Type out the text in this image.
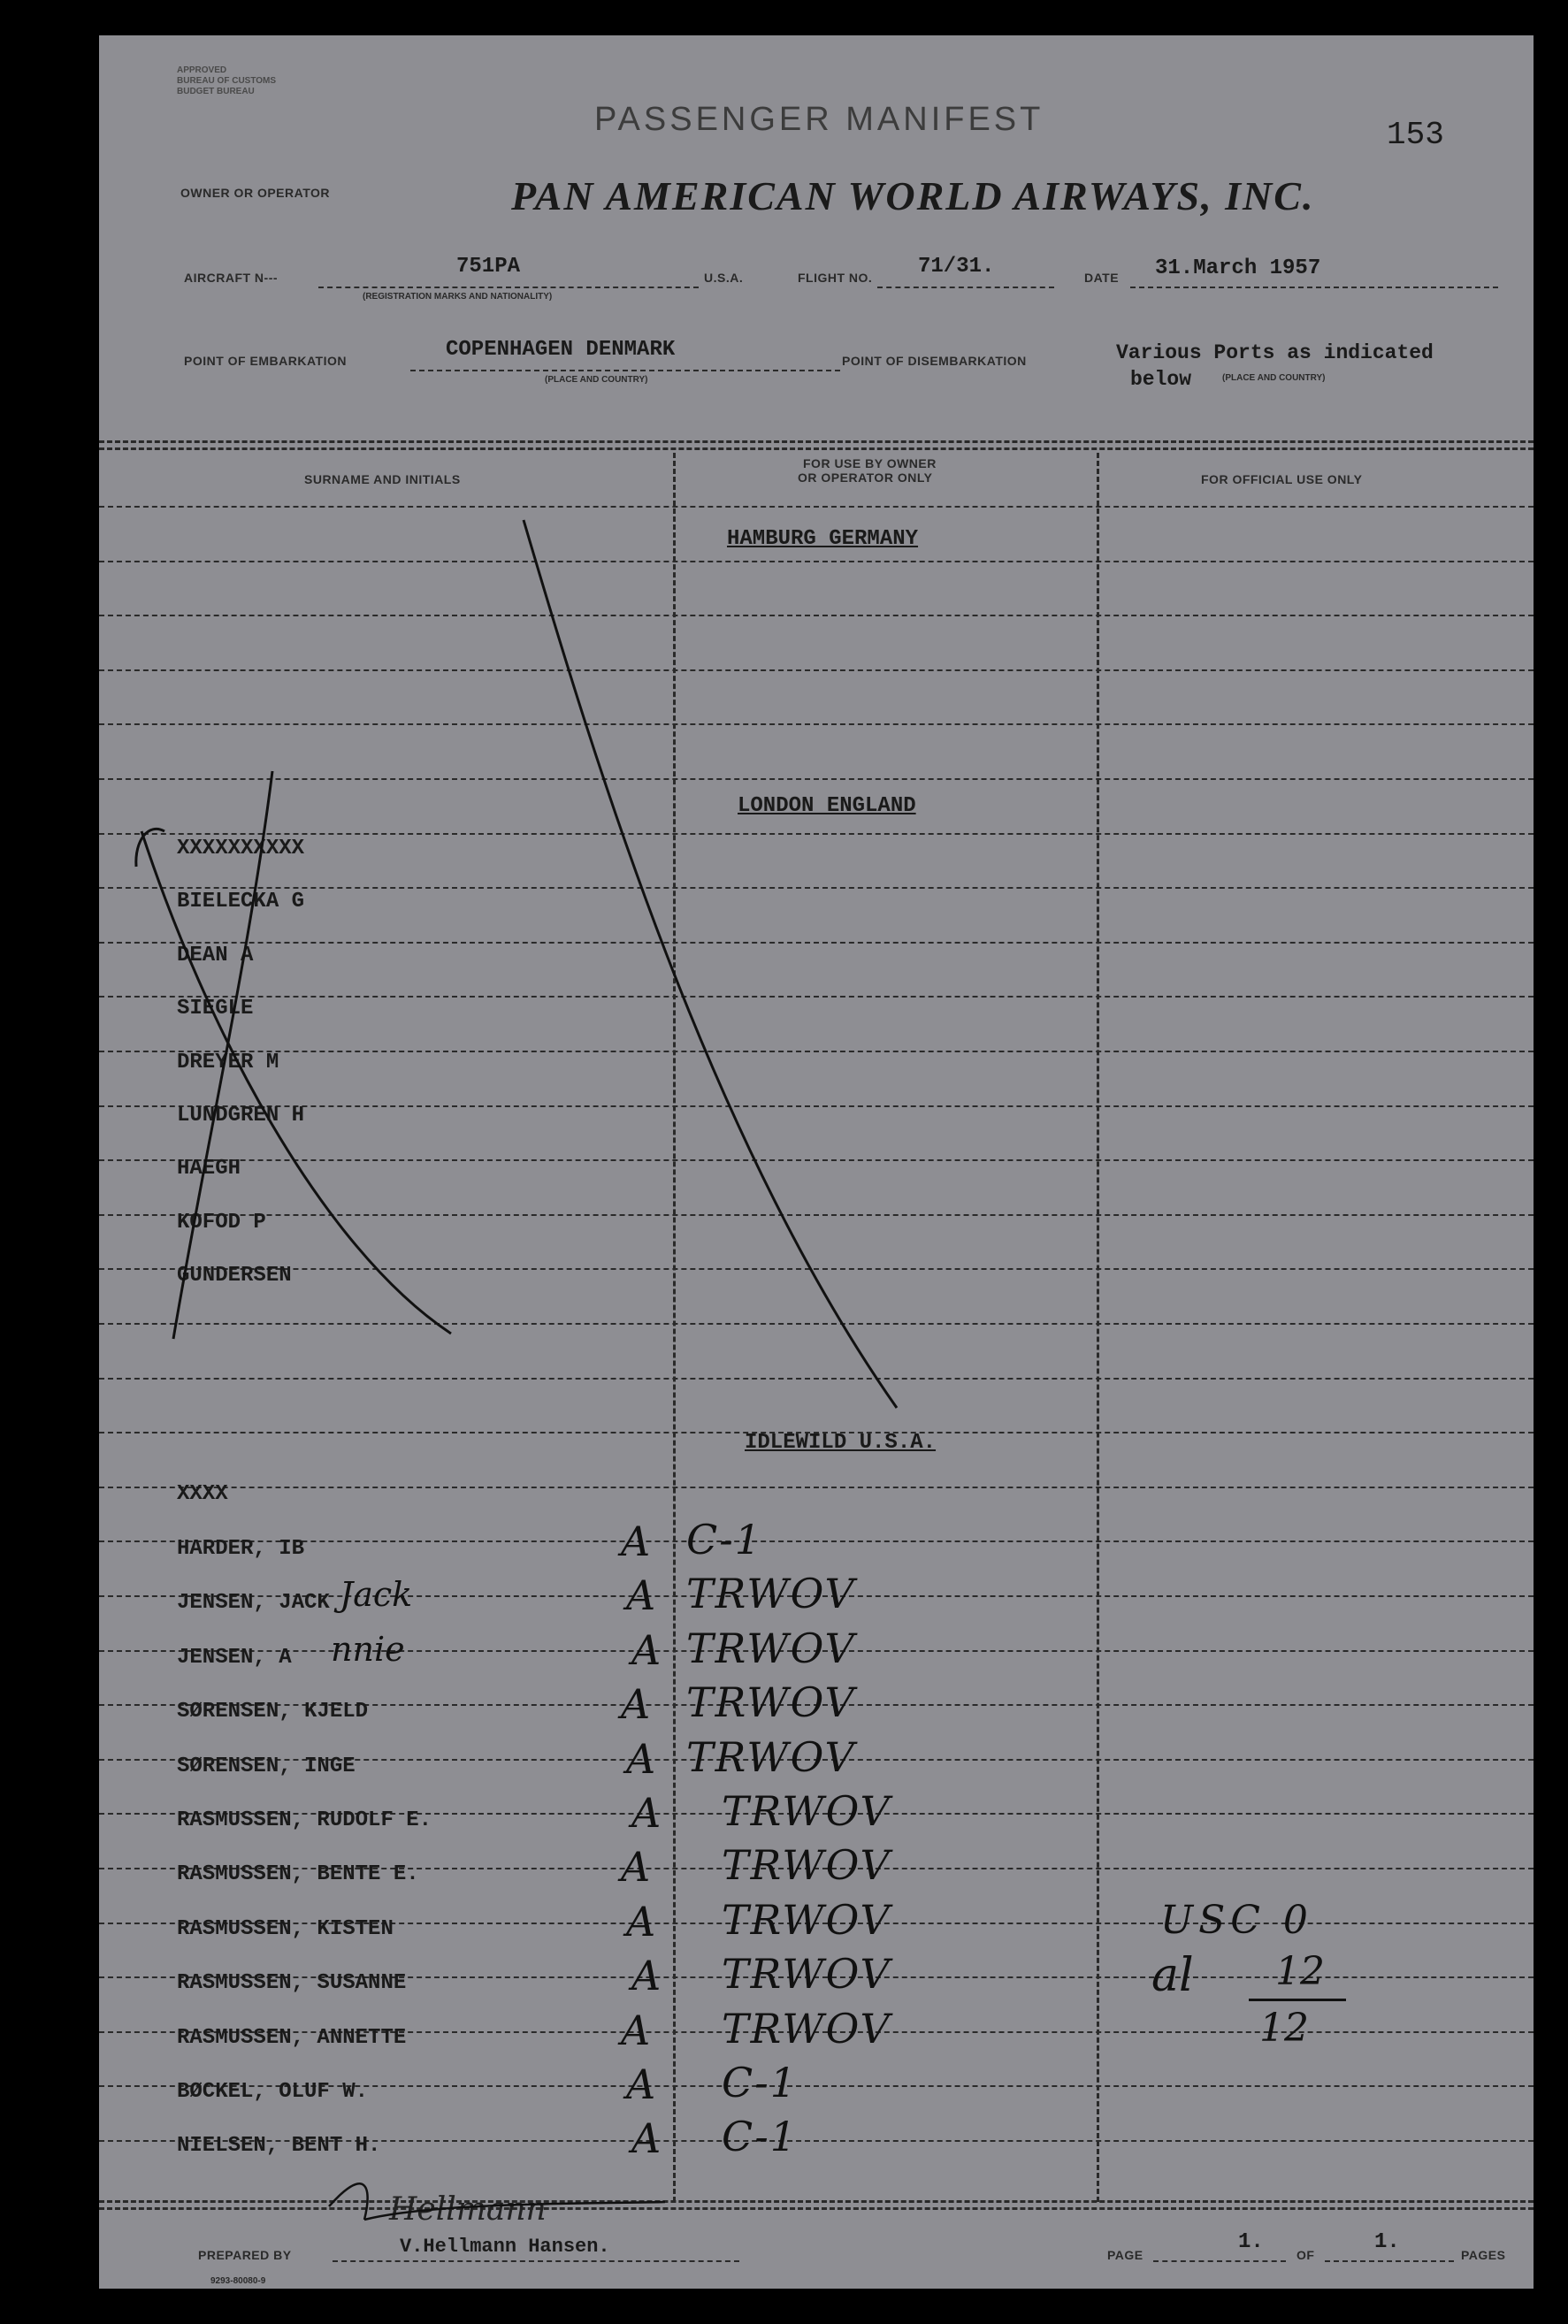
APPROVED
BUREAU OF CUSTOMS
BUDGET BUREAU
PASSENGER MANIFEST	153
OWNER OR OPERATOR	PAN AMERICAN WORLD AIRWAYS, INC.
AIRCRAFT N---	751PA
(REGISTRATION MARKS AND NATIONALITY)
U.S.A.	FLIGHT NO. 71/31.	DATE 31.March 1957
POINT OF EMBARKATION	COPENHAGEN DENMARK
(PLACE AND COUNTRY)
POINT OF DISEMBARKATION	Various Ports as indicated
below	(PLACE AND COUNTRY)
SURNAME AND INITIALS
FOR USE BY OWNER
OR OPERATOR ONLY	FOR OFFICIAL USE ONLY
HAMBURG GERMANY
LONDON ENGLAND
IDLEWILD U.S.A.
XXXXXXXXXX
BIELECKA G
DEAN A
SIEGLE
DREYER M
LUNDGREN H
HAEGH
KOFOD P
GUNDERSEN
XXXX
HARDER, IB	A C-1
JENSEN, JACK Jack	A TRWOV
JENSEN, A nnie	A TRWOV
SØRENSEN, KJELD	A TRWOV
SØRENSEN, INGE	A TRWOV
RASMUSSEN, RUDOLF E.	A TRWOV
RASMUSSEN, BENTE E.	A TRWOV
RASMUSSEN, KISTEN	A TRWOV
RASMUSSEN, SUSANNE	A TRWOV
RASMUSSEN, ANNETTE	A TRWOV
BØCKEL, OLUF W.	A C-1
NIELSEN, BENT H.	A C-1
USC 0
al 12
12
PREPARED BY
Hellmann
V.Hellmann Hansen.
9293-80080-9
PAGE
1.
OF
1.
PAGES
